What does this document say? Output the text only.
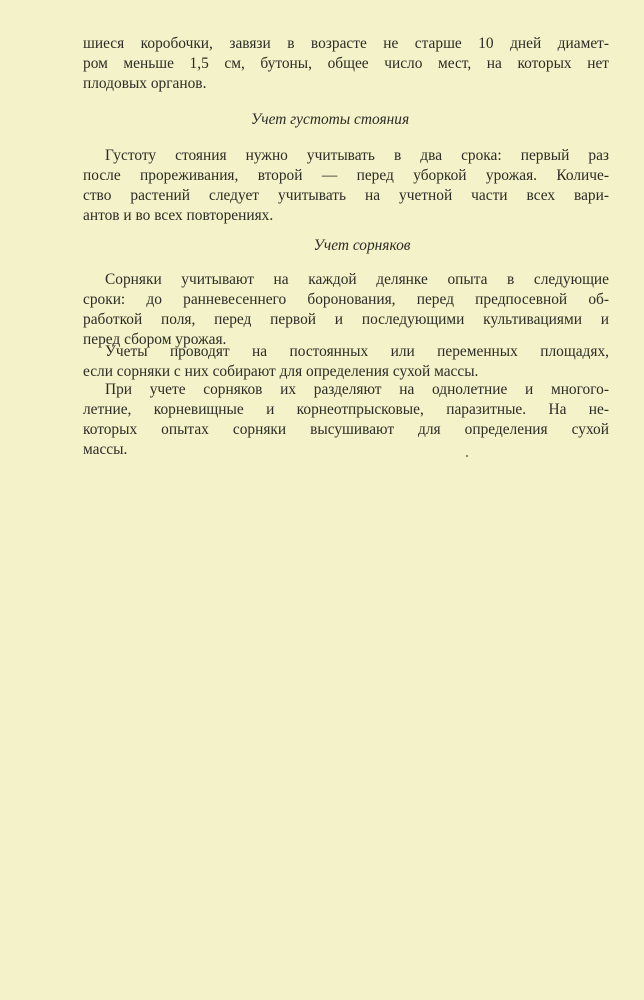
шиеся коробочки, завязи в возрасте не старше 10 дней диамет-
ром меньше 1,5 см, бутоны, общее число мест, на которых нет
плодовых органов.
Учет густоты стояния
Густоту стояния нужно учитывать в два срока: первый раз
после прореживания, второй — перед уборкой урожая. Количе-
ство растений следует учитывать на учетной части всех вари-
антов и во всех повторениях.
Учет сорняков
Сорняки учитывают на каждой делянке опыта в следующие
сроки: до ранневесеннего боронования, перед предпосевной об-
работкой поля, перед первой и последующими культивациями и
перед сбором урожая.
Учеты проводят на постоянных или переменных площадях,
если сорняки с них собирают для определения сухой массы.
При учете сорняков их разделяют на однолетние и многого-
летние, корневищные и корнеотпрысковые, паразитные. На не-
которых опытах сорняки высушивают для определения сухой
массы.
